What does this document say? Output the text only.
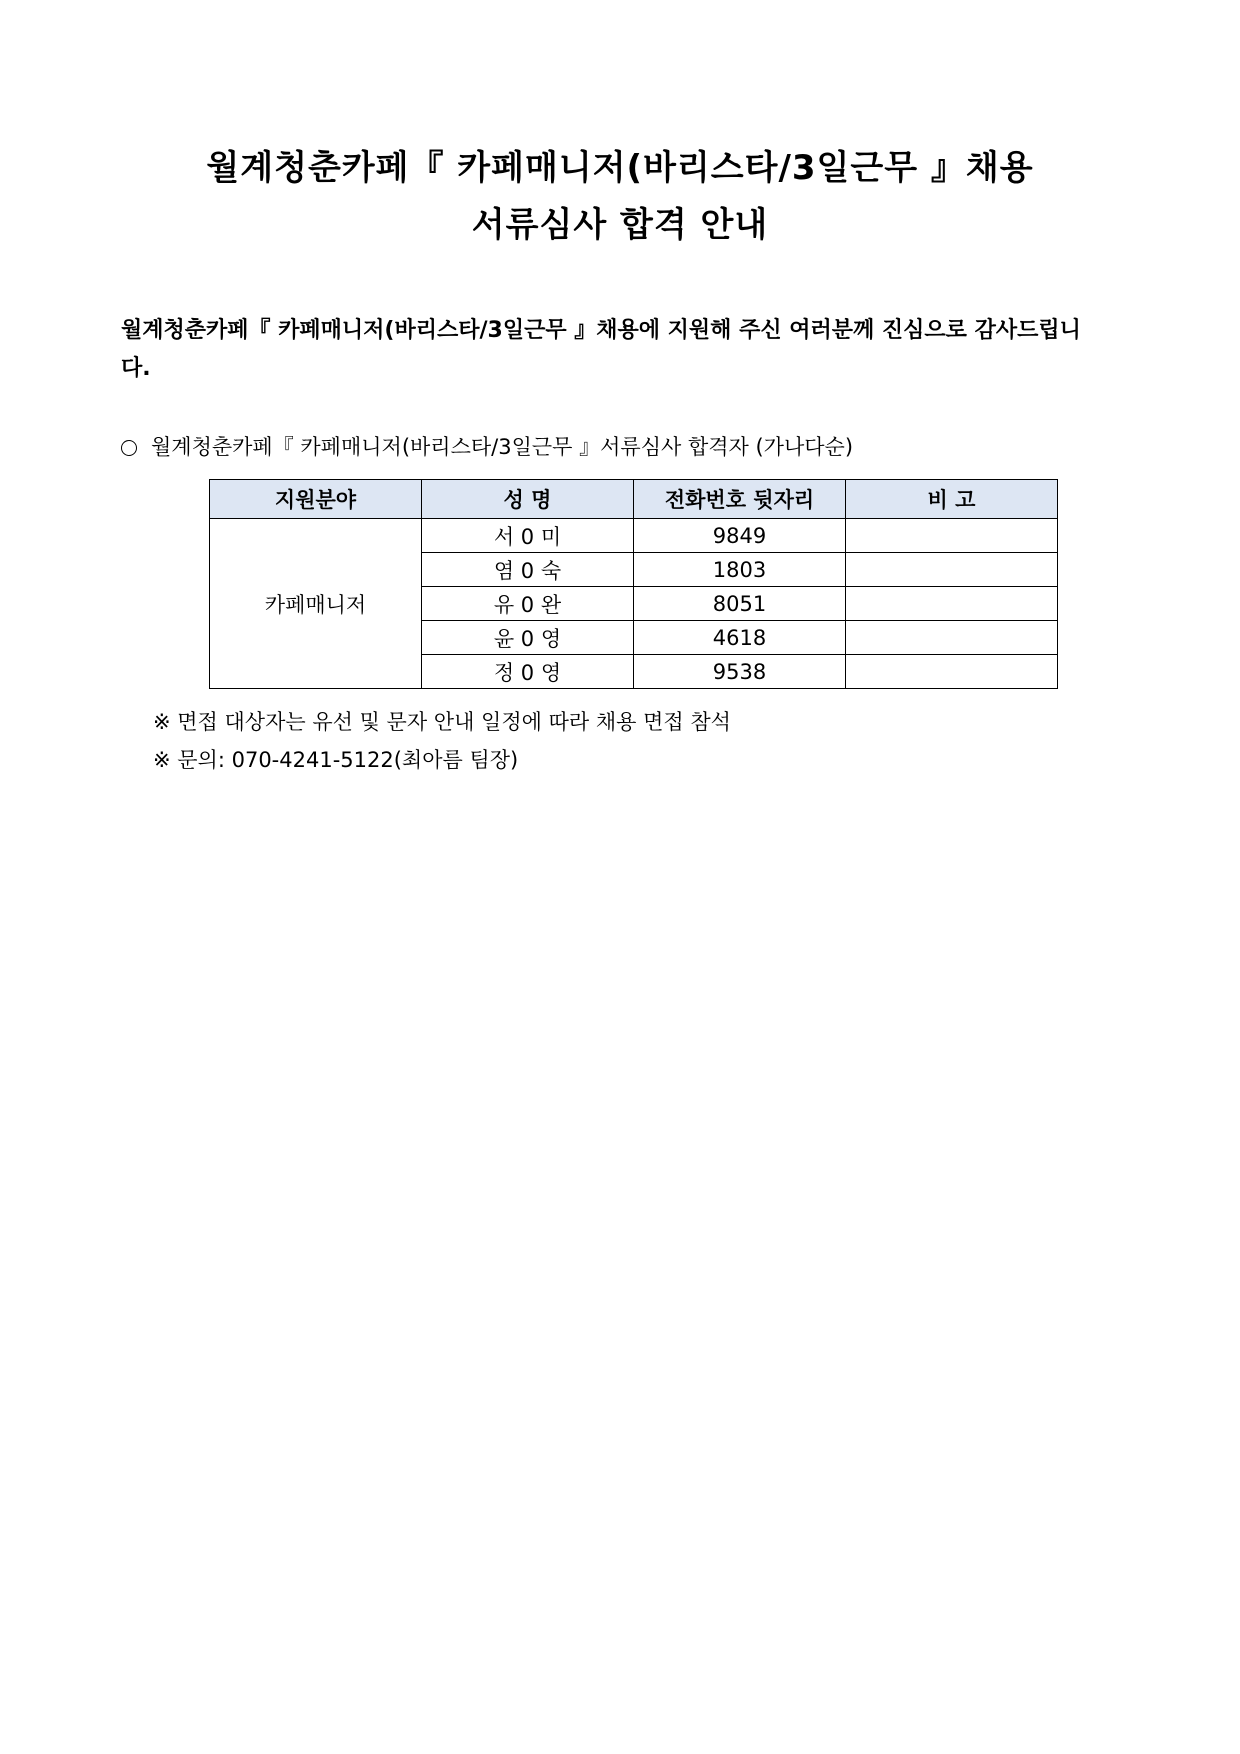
월계청춘카페『 카페매니저(바리스타/3일근무 』채용
서류심사 합격 안내
월계청춘카페『 카페매니저(바리스타/3일근무 』채용에 지원해 주신 여러분께 진심으로 감사드립니다.
월계청춘카페『 카페매니저(바리스타/3일근무 』서류심사 합격자 (가나다순)
지원분야	성 명	전화번호 뒷자리	비 고
카페매니저	서 0 미	9849	
	염 0 숙	1803	
	유 0 완	8051	
	윤 0 영	4618	
	정 0 영	9538	
※ 면접 대상자는 유선 및 문자 안내 일정에 따라 채용 면접 참석
※ 문의: 070-4241-5122(최아름 팀장)
